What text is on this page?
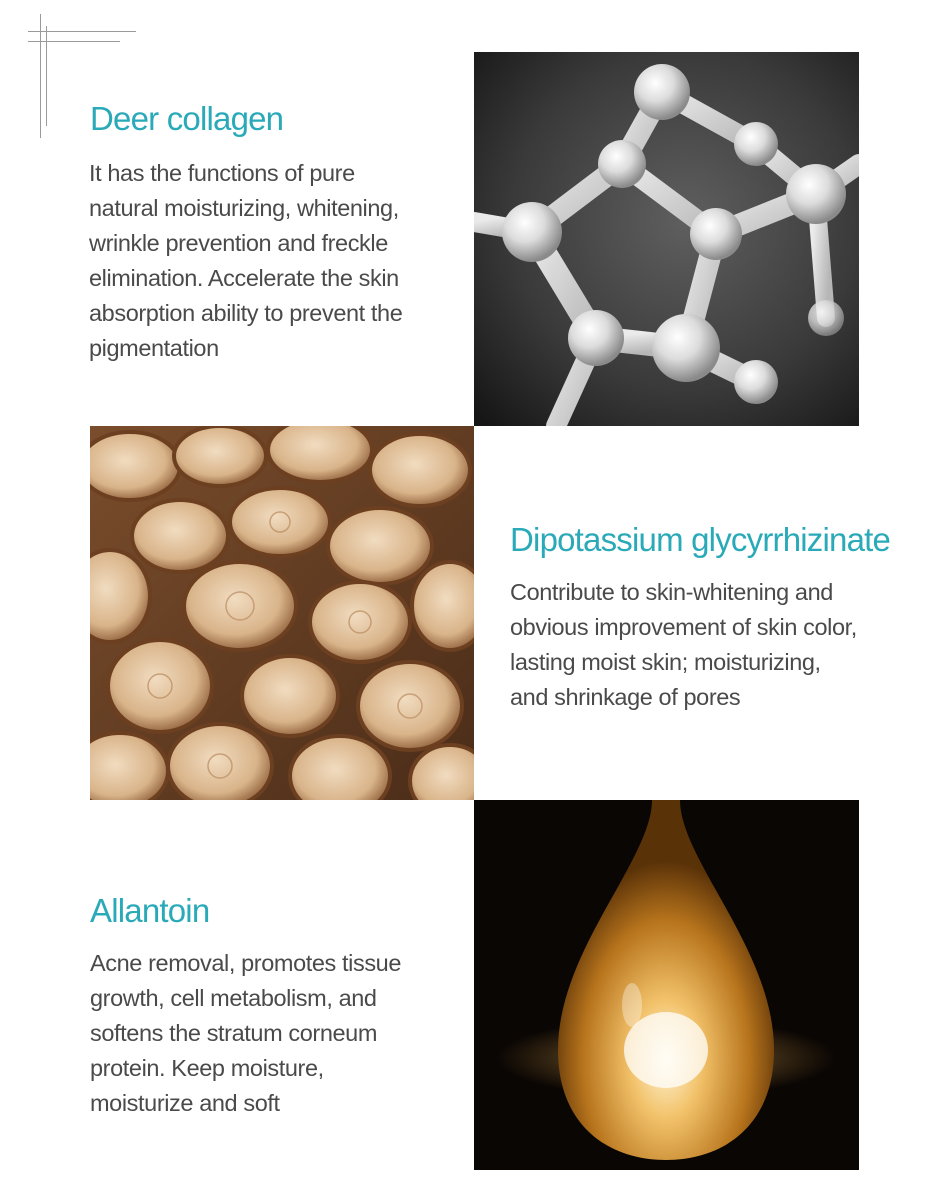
Deer collagen

It has the functions of pure
natural moisturizing, whitening,
wrinkle prevention and freckle
elimination. Accelerate the skin
absorption ability to prevent the
pigmentation

Dipotassium glycyrrhizinate

Contribute to skin-whitening and
obvious improvement of skin color,
lasting moist skin; moisturizing,
and shrinkage of pores

Allantoin

Acne removal, promotes tissue
growth, cell metabolism, and
softens the stratum corneum
protein. Keep moisture,
moisturize and soft
